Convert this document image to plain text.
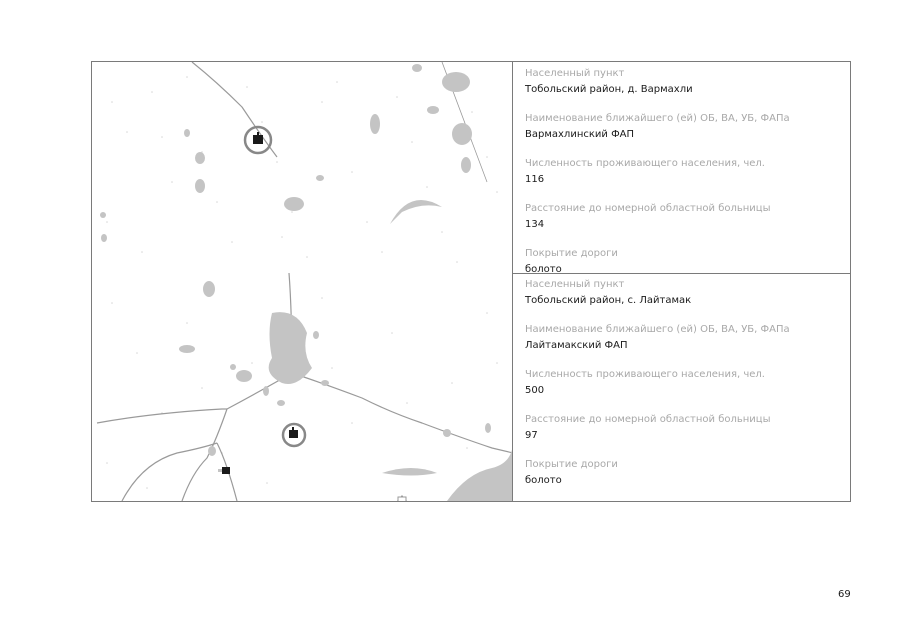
Населенный пункт

Тобольский район, д. Вармахли

Наименование ближайшего (ей) ОБ, ВА, УБ, ФАПа

Вармахлинский ФАП

Численность проживающего населения, чел.

116

Расстояние до номерной областной больницы

134

Покрытие дороги

болото

Населенный пункт

Тобольский район, с. Лайтамак

Наименование ближайшего (ей) ОБ, ВА, УБ, ФАПа

Лайтамакский ФАП

Численность проживающего населения, чел.

500

Расстояние до номерной областной больницы

97

Покрытие дороги

болото

69
